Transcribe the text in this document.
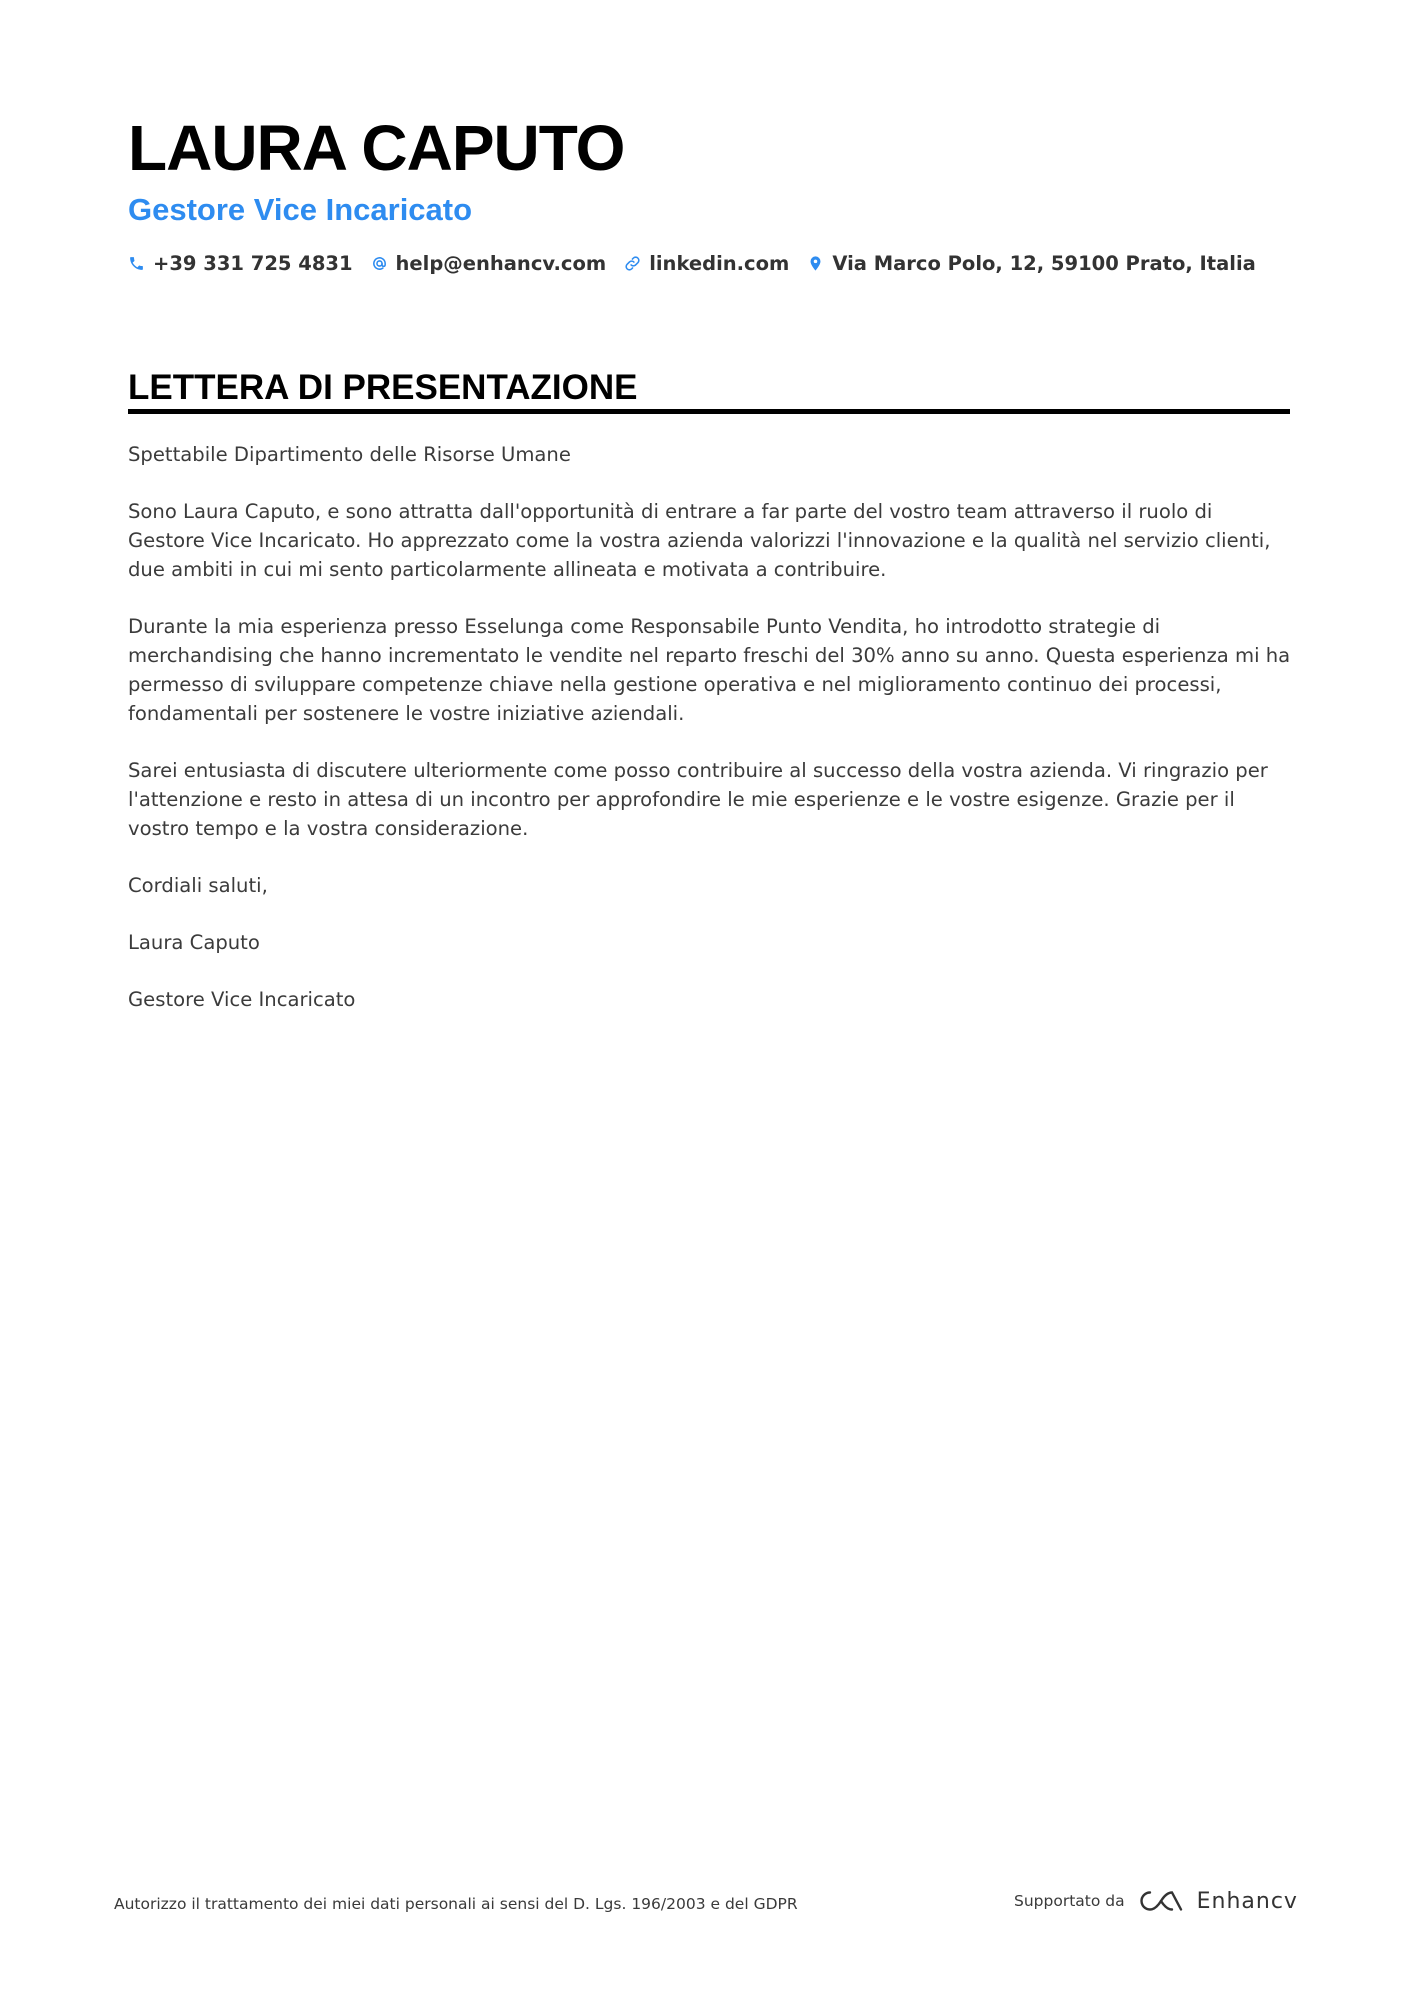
LAURA CAPUTO
Gestore Vice Incaricato
+39 331 725 4831 help@enhancv.com linkedin.com Via Marco Polo, 12, 59100 Prato, Italia
LETTERA DI PRESENTAZIONE

Spettabile Dipartimento delle Risorse Umane

Sono Laura Caputo, e sono attratta dall'opportunità di entrare a far parte del vostro team attraverso il ruolo di Gestore Vice Incaricato. Ho apprezzato come la vostra azienda valorizzi l'innovazione e la qualità nel servizio clienti, due ambiti in cui mi sento particolarmente allineata e motivata a contribuire.

Durante la mia esperienza presso Esselunga come Responsabile Punto Vendita, ho introdotto strategie di merchandising che hanno incrementato le vendite nel reparto freschi del 30% anno su anno. Questa esperienza mi ha permesso di sviluppare competenze chiave nella gestione operativa e nel miglioramento continuo dei processi, fondamentali per sostenere le vostre iniziative aziendali.

Sarei entusiasta di discutere ulteriormente come posso contribuire al successo della vostra azienda. Vi ringrazio per l'attenzione e resto in attesa di un incontro per approfondire le mie esperienze e le vostre esigenze. Grazie per il vostro tempo e la vostra considerazione.

Cordiali saluti,

Laura Caputo

Gestore Vice Incaricato

Autorizzo il trattamento dei miei dati personali ai sensi del D. Lgs. 196/2003 e del GDPR	Supportato da	Enhancv
